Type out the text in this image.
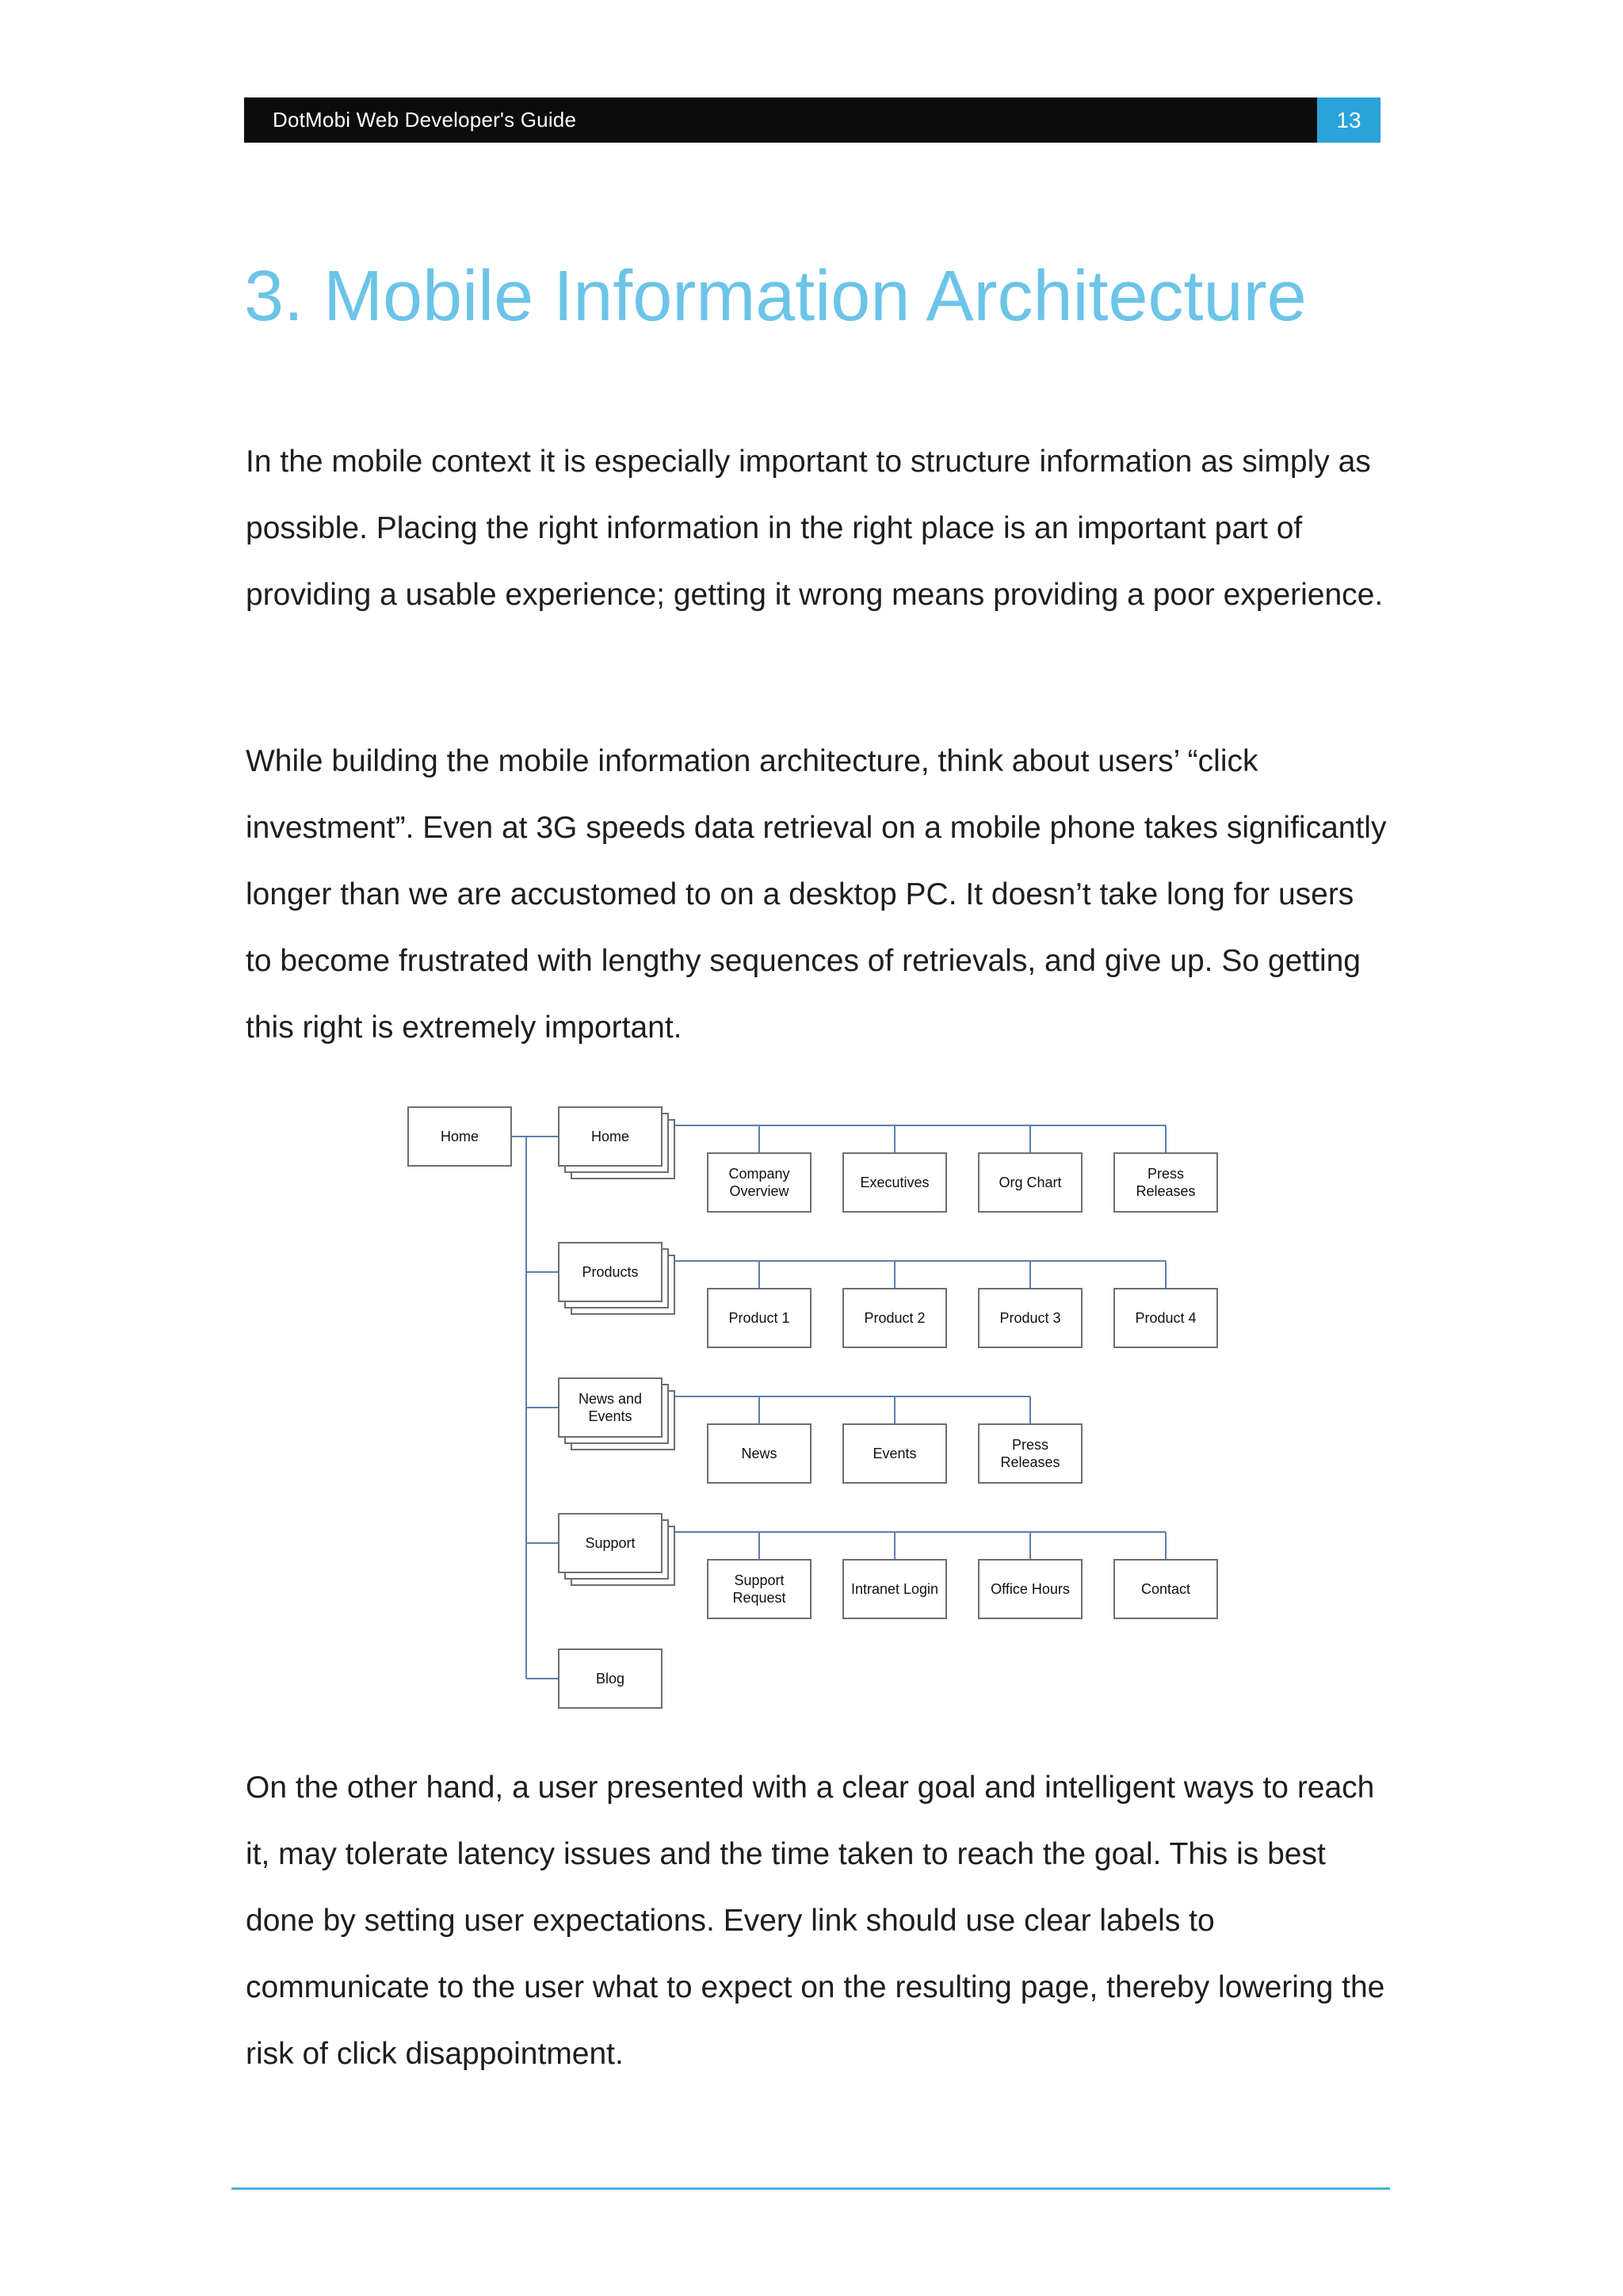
DotMobi Web Developer's Guide	13
3. Mobile Information Architecture

In the mobile context it is especially important to structure information as simply as possible. Placing the right information in the right place is an important part of providing a usable experience; getting it wrong means providing a poor experience.

While building the mobile information architecture, think about users’ “click investment”. Even at 3G speeds data retrieval on a mobile phone takes significantly longer than we are accustomed to on a desktop PC. It doesn’t take long for users to become frustrated with lengthy sequences of retrievals, and give up. So getting this right is extremely important.

Home	Home
Company
Overview
Executives	Org Chart
Press
Releases
Products
Product 1	Product 2	Product 3	Product 4
News and
Events
News	Events
Press
Releases
Support
Support
Request
Intranet Login	Office Hours	Contact
Blog

On the other hand, a user presented with a clear goal and intelligent ways to reach it, may tolerate latency issues and the time taken to reach the goal. This is best done by setting user expectations. Every link should use clear labels to communicate to the user what to expect on the resulting page, thereby lowering the risk of click disappointment.
